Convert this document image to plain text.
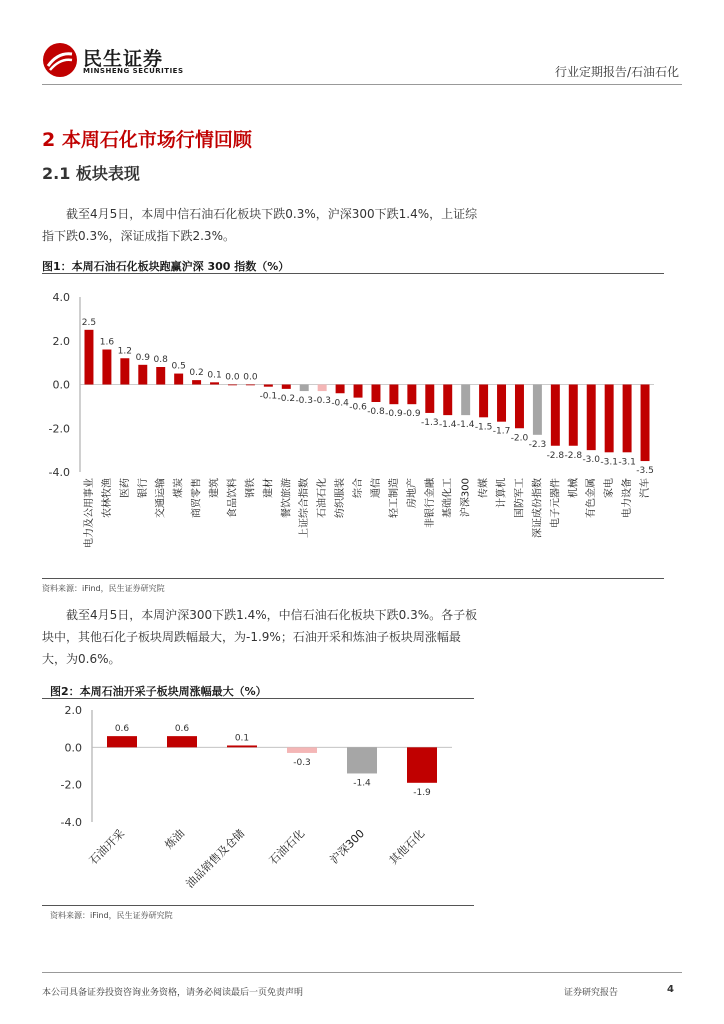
民生证券
MINSHENG SECURITIES	行业定期报告/石油石化
2 本周石化市场行情回顾
2.1 板块表现
截至4月5日，本周中信石油石化板块下跌0.3%，沪深300下跌1.4%，上证综指下跌0.3%，深证成指下跌2.3%。
图1：本周石油石化板块跑赢沪深 300 指数（%）
4.0
2.0
0.0
-2.0
-4.0
2.5
电力及公用事业
1.6
农林牧渔
1.2
医药
0.9
银行
0.8
交通运输
0.5
煤炭
0.2
商贸零售
0.1
建筑
0.0
食品饮料
0.0
钢铁
-0.1
建材
-0.2
餐饮旅游
-0.3
上证综合指数
-0.3
石油石化
-0.4
纺织服装
-0.6
综合
-0.8
通信
-0.9
轻工制造
-0.9
房地产
-1.3
非银行金融
-1.4
基础化工
-1.4
沪深300
-1.5
传媒
-1.7
计算机
-2.0
国防军工
-2.3
深证成份指数
-2.8
电子元器件
-2.8
机械
-3.0
有色金属
-3.1
家电
-3.1
电力设备
-3.5
汽车
资料来源：iFind，民生证券研究院
截至4月5日，本周沪深300下跌1.4%，中信石油石化板块下跌0.3%。各子板块中，其他石化子板块周跌幅最大，为-1.9%；石油开采和炼油子板块周涨幅最大，为0.6%。
图2：本周石油开采子板块周涨幅最大（%）
2.0
0.0
-2.0
-4.0
0.6
石油开采
0.6
炼油
0.1
油品销售及仓储
-0.3
石油石化
-1.4
沪深300
-1.9
其他石化
资料来源：iFind，民生证券研究院
本公司具备证券投资咨询业务资格，请务必阅读最后一页免责声明	证券研究报告	4
